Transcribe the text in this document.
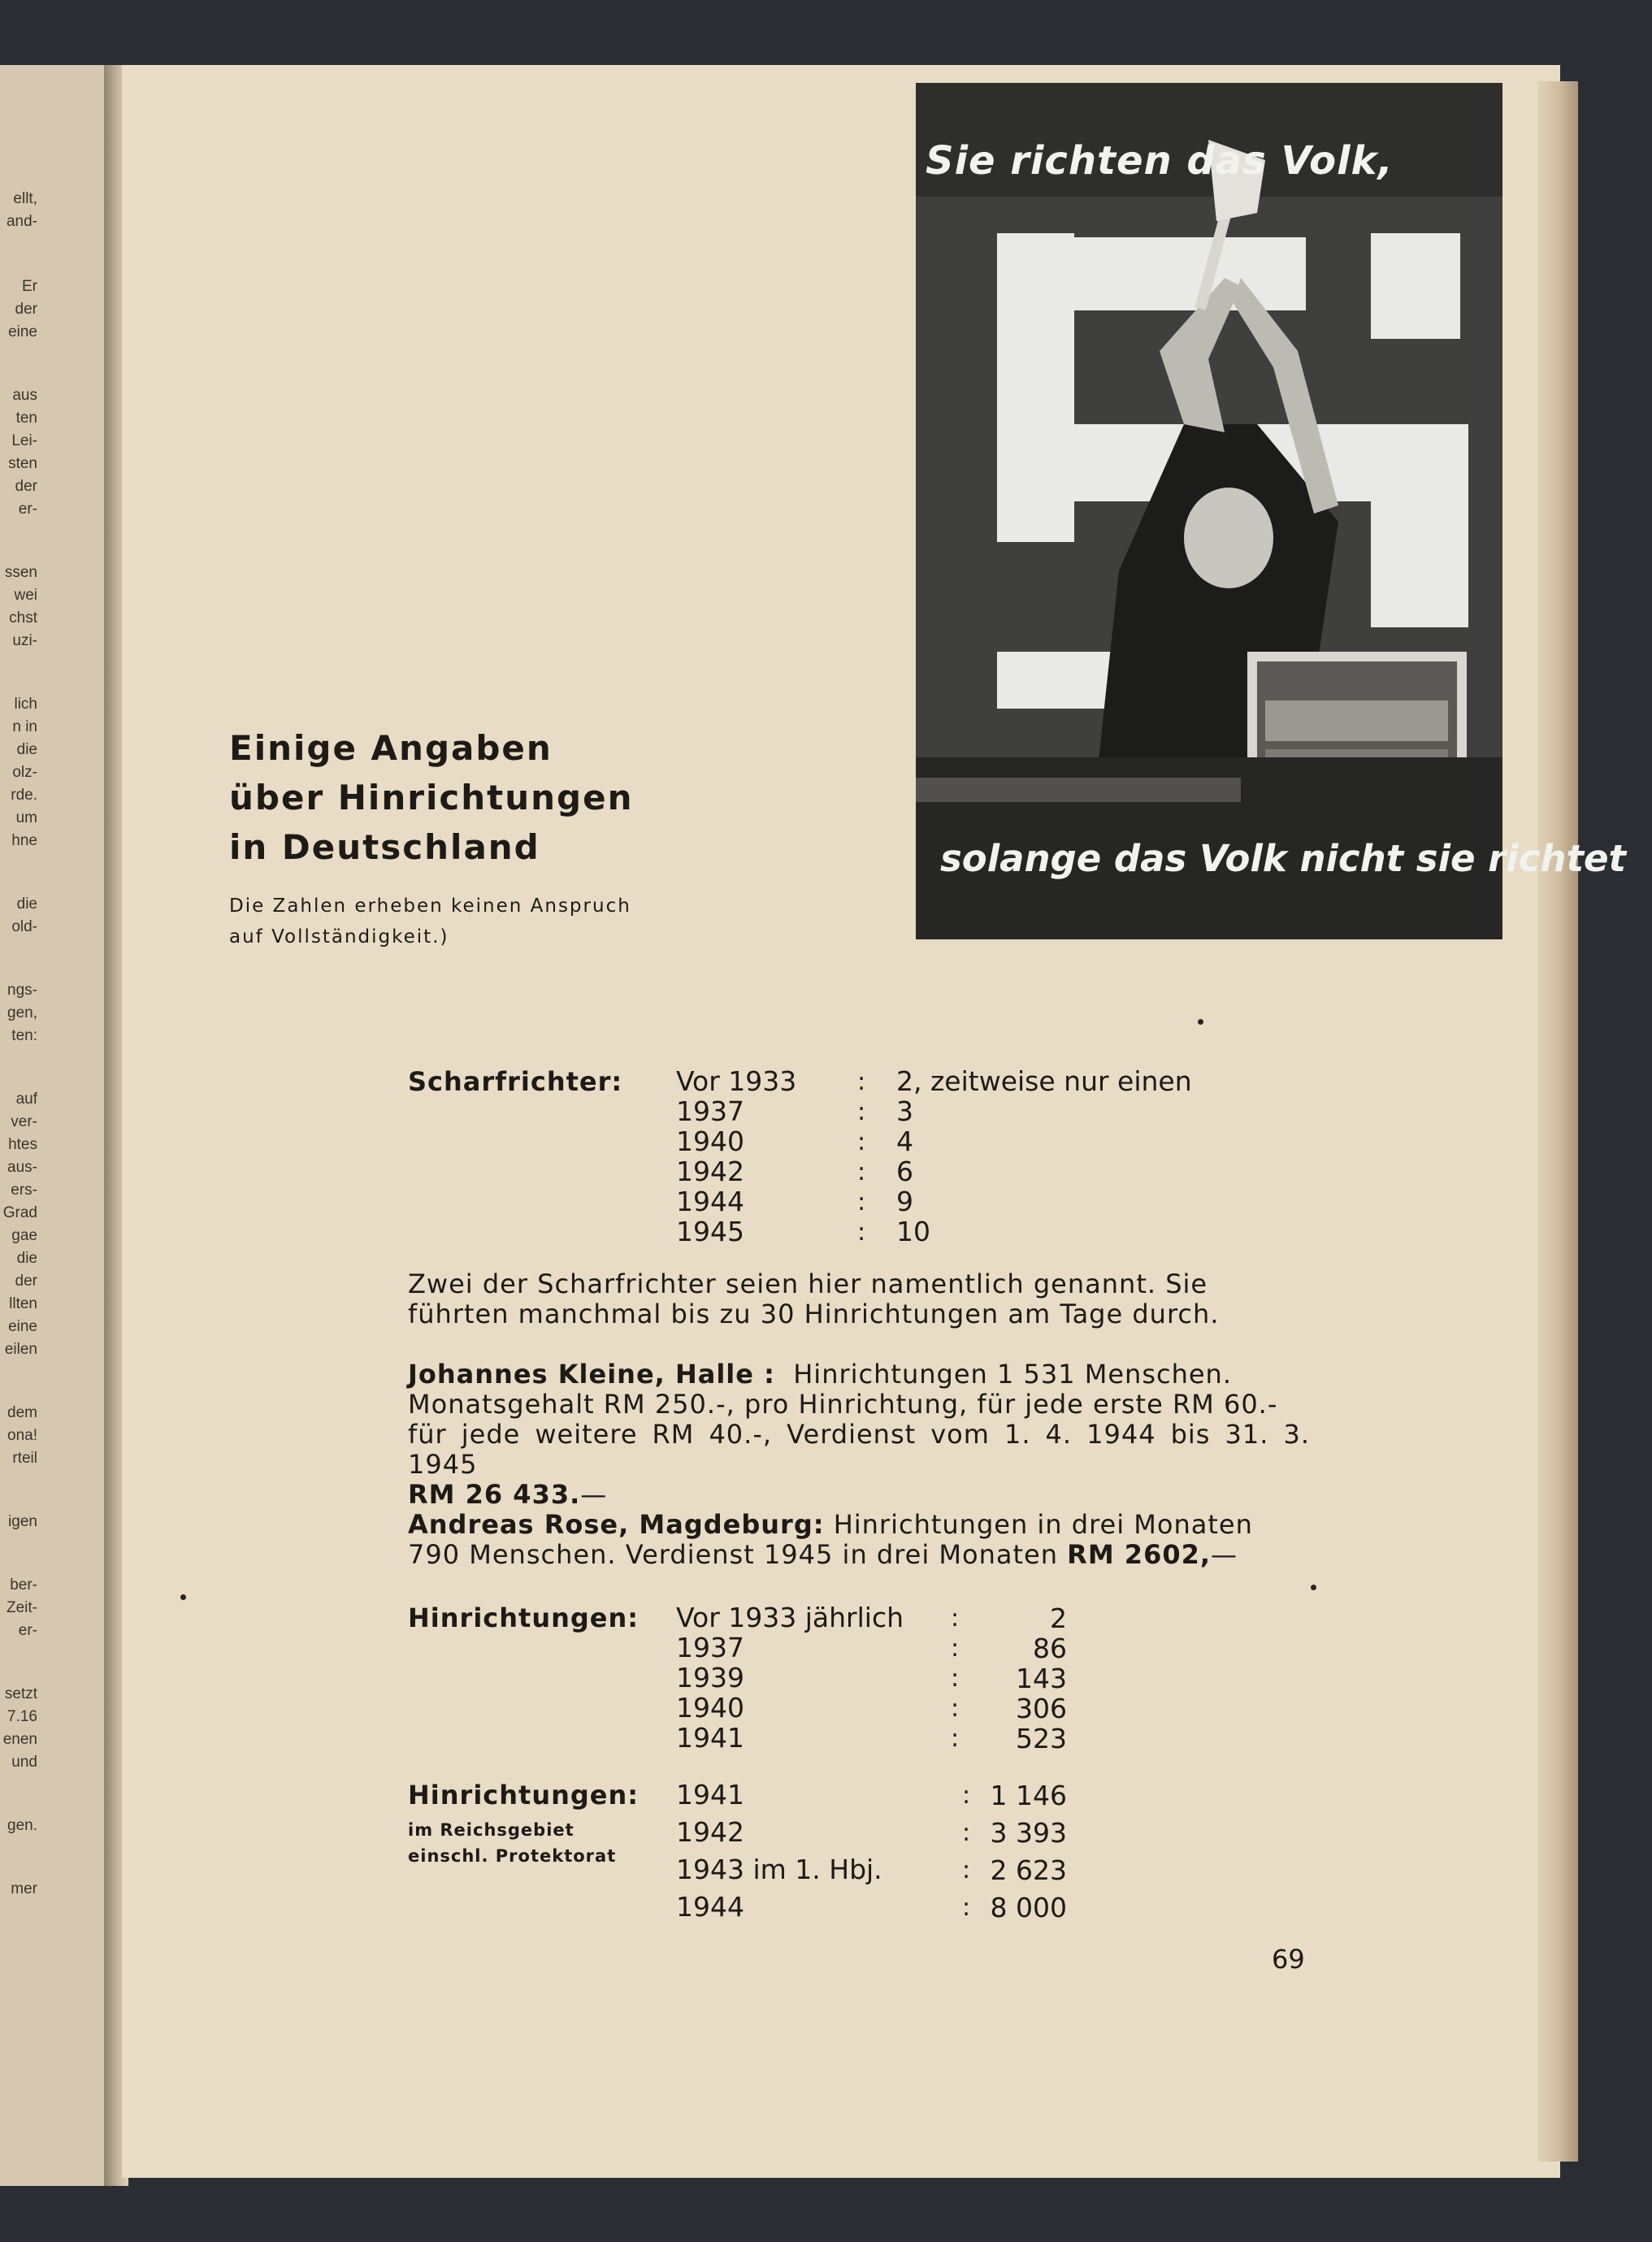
ellt,
and-
Er
der
eine
aus
ten
Lei-
sten
der
er-
ssen
wei
chst
uzi-
lich
n in
die
olz-
rde.
um
hne
die
old-
ngs-
gen,
ten:
auf
ver-
htes
aus-
ers-
Grad
gae
die
der
llten
eine
eilen
dem
ona!
rteil
igen
ber-
Zeit-
er-
setzt
7.16
enen
und
gen.
mer
Sie richten das Volk,
solange das Volk nicht sie richtet
Einige Angaben
über Hinrichtungen
in Deutschland
Die Zahlen erheben keinen Anspruch
auf Vollständigkeit.)
Scharfrichter: Vor 1933 : 2, zeitweise nur einen
1937	: 3
1940	: 4
1942	: 6
1944	: 9
1945	: 10
Zwei der Scharfrichter seien hier namentlich genannt. Sie
führten manchmal bis zu 30 Hinrichtungen am Tage durch.
Johannes Kleine, Halle : Hinrichtungen 1 531 Menschen.
Monatsgehalt RM 250.-, pro Hinrichtung, für jede erste RM 60.-
für jede weitere RM 40.-, Verdienst vom 1. 4. 1944 bis 31. 3. 1945
RM 26 433.—
Andreas Rose, Magdeburg: Hinrichtungen in drei Monaten
790 Menschen. Verdienst 1945 in drei Monaten RM 2602,—
Hinrichtungen: Vor 1933 jährlich :	2
1937	:	86
1939	: 143
1940	: 306
1941	: 523
Hinrichtungen:
im Reichsgebiet
einschl. Protektorat
1941	: 1 146
1942	: 3 393
1943 im 1. Hbj.	: 2 623
1944	: 8 000
69
